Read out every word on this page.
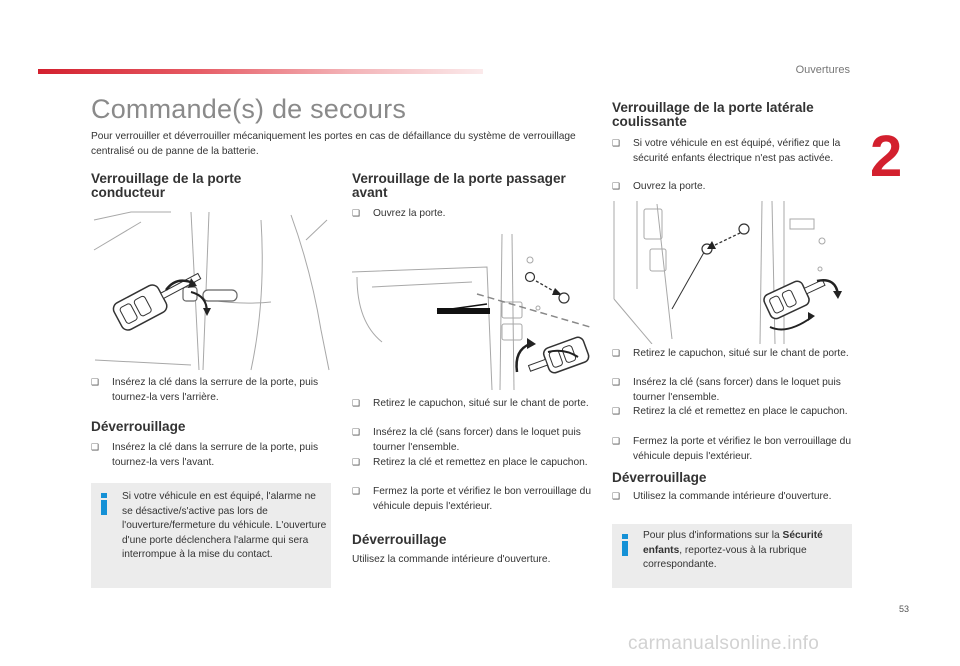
Ouvertures
2
53
Commande(s) de secours
Pour verrouiller et déverrouiller mécaniquement les portes en cas de défaillance du système de verrouillage centralisé ou de panne de la batterie.
Verrouillage de la porte
conducteur
❑ Insérez la clé dans la serrure de la porte, puis tournez-la vers l'arrière.
Déverrouillage
❑ Insérez la clé dans la serrure de la porte, puis tournez-la vers l'avant.
Si votre véhicule en est équipé, l'alarme ne se désactive/s'active pas lors de l'ouverture/fermeture du véhicule. L'ouverture d'une porte déclenchera l'alarme qui sera interrompue à la mise du contact.
Verrouillage de la porte passager
avant
❑ Ouvrez la porte.
❑ Retirez le capuchon, situé sur le chant de porte.
❑ Insérez la clé (sans forcer) dans le loquet puis tourner l'ensemble.
❑ Retirez la clé et remettez en place le capuchon.
❑ Fermez la porte et vérifiez le bon verrouillage du véhicule depuis l'extérieur.
Déverrouillage
Utilisez la commande intérieure d'ouverture.
Verrouillage de la porte latérale
coulissante
❑ Si votre véhicule en est équipé, vérifiez que la sécurité enfants électrique n'est pas activée.
❑ Ouvrez la porte.
❑ Retirez le capuchon, situé sur le chant de porte.
❑ Insérez la clé (sans forcer) dans le loquet puis tourner l'ensemble.
❑ Retirez la clé et remettez en place le capuchon.
❑ Fermez la porte et vérifiez le bon verrouillage du véhicule depuis l'extérieur.
Déverrouillage
❑ Utilisez la commande intérieure d'ouverture.
Pour plus d'informations sur la Sécurité enfants, reportez-vous à la rubrique correspondante.
carmanualsonline.info
